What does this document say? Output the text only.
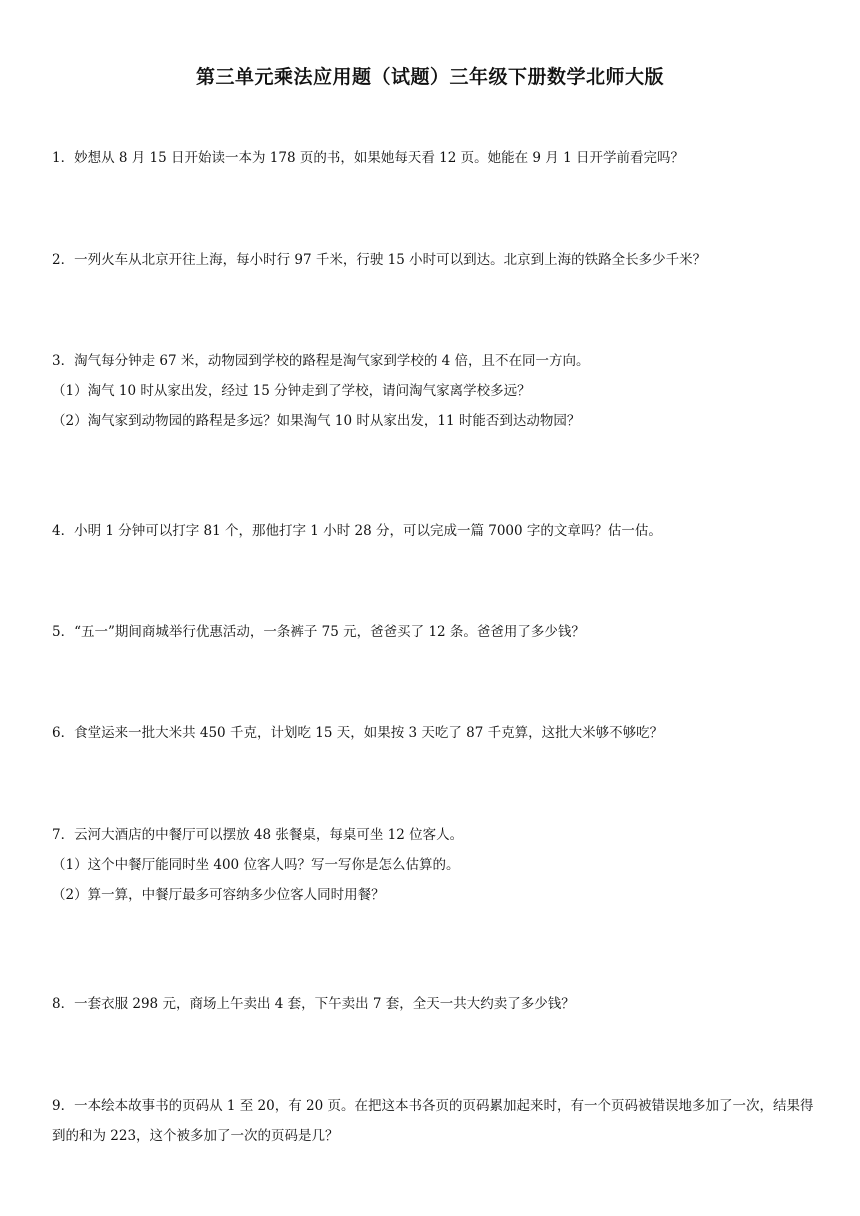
第三单元乘法应用题（试题）三年级下册数学北师大版

1．妙想从 8 月 15 日开始读一本为 178 页的书，如果她每天看 12 页。她能在 9 月 1 日开学前看完吗？

2．一列火车从北京开往上海，每小时行 97 千米，行驶 15 小时可以到达。北京到上海的铁路全长多少千米？

3．淘气每分钟走 67 米，动物园到学校的路程是淘气家到学校的 4 倍，且不在同一方向。

（1）淘气 10 时从家出发，经过 15 分钟走到了学校，请问淘气家离学校多远？

（2）淘气家到动物园的路程是多远？如果淘气 10 时从家出发，11 时能否到达动物园？

4．小明 1 分钟可以打字 81 个，那他打字 1 小时 28 分，可以完成一篇 7000 字的文章吗？估一估。

5．“五一”期间商城举行优惠活动，一条裤子 75 元，爸爸买了 12 条。爸爸用了多少钱？

6．食堂运来一批大米共 450 千克，计划吃 15 天，如果按 3 天吃了 87 千克算，这批大米够不够吃？

7．云河大酒店的中餐厅可以摆放 48 张餐桌，每桌可坐 12 位客人。

（1）这个中餐厅能同时坐 400 位客人吗？写一写你是怎么估算的。

（2）算一算，中餐厅最多可容纳多少位客人同时用餐？

8．一套衣服 298 元，商场上午卖出 4 套，下午卖出 7 套，全天一共大约卖了多少钱？

9．一本绘本故事书的页码从 1 至 20，有 20 页。在把这本书各页的页码累加起来时，有一个页码被错误地多加了一次，结果得到的和为 223，这个被多加了一次的页码是几？
